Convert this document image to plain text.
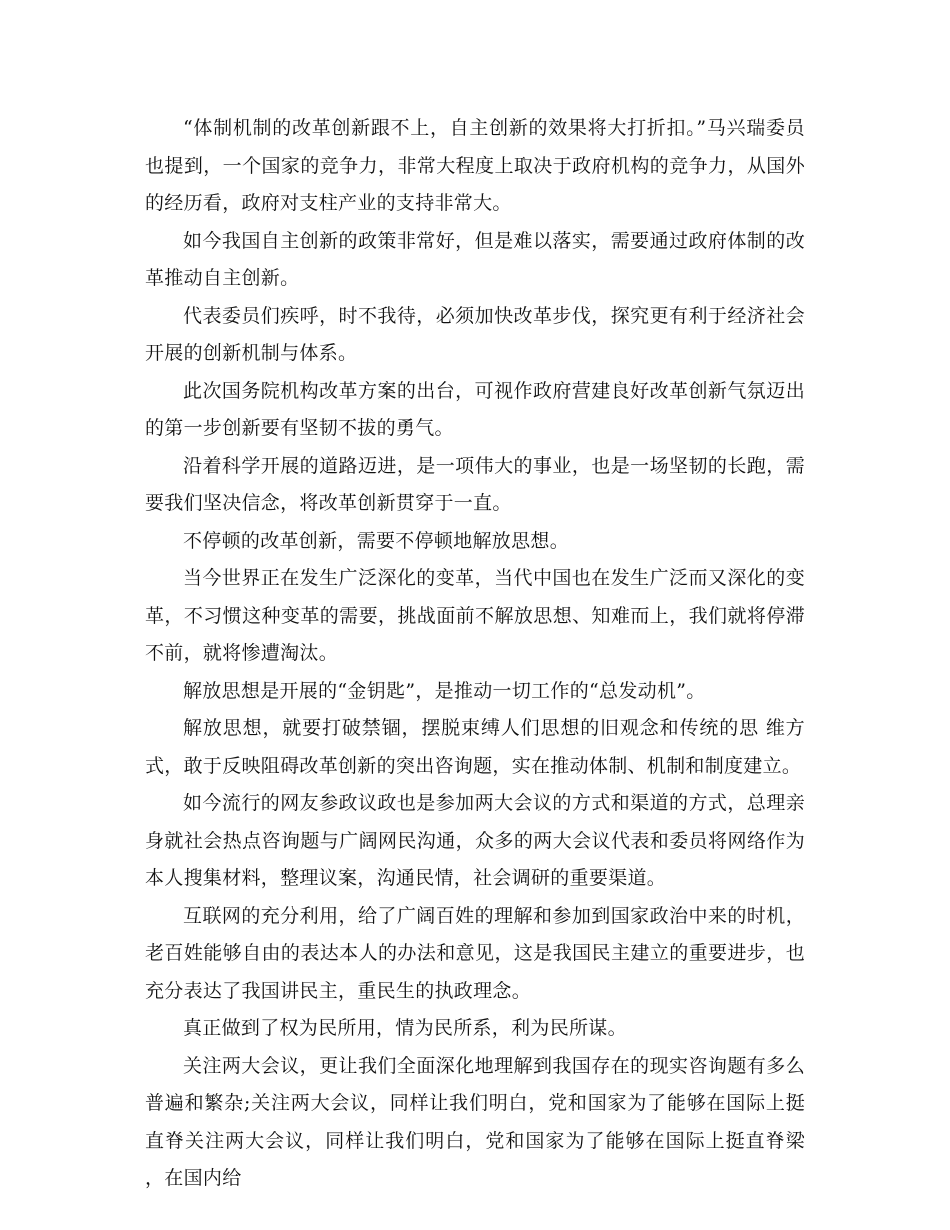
“体制机制的改革创新跟不上，自主创新的效果将大打折扣。”马兴瑞委员也提到，一个国家的竞争力，非常大程度上取决于政府机构的竞争力，从国外的经历看，政府对支柱产业的支持非常大。

如今我国自主创新的政策非常好，但是难以落实，需要通过政府体制的改革推动自主创新。

代表委员们疾呼，时不我待，必须加快改革步伐，探究更有利于经济社会开展的创新机制与体系。

此次国务院机构改革方案的出台，可视作政府营建良好改革创新气氛迈出的第一步创新要有坚韧不拔的勇气。

沿着科学开展的道路迈进，是一项伟大的事业，也是一场坚韧的长跑，需要我们坚决信念，将改革创新贯穿于一直。

不停顿的改革创新，需要不停顿地解放思想。

当今世界正在发生广泛深化的变革，当代中国也在发生广泛而又深化的变革，不习惯这种变革的需要，挑战面前不解放思想、知难而上，我们就将停滞不前，就将惨遭淘汰。

解放思想是开展的“金钥匙”，是推动一切工作的“总发动机”。

解放思想，就要打破禁锢，摆脱束缚人们思想的旧观念和传统的思 维方式，敢于反映阻碍改革创新的突出咨询题，实在推动体制、机制和制度建立。

如今流行的网友参政议政也是参加两大会议的方式和渠道的方式，总理亲身就社会热点咨询题与广阔网民沟通，众多的两大会议代表和委员将网络作为本人搜集材料，整理议案，沟通民情，社会调研的重要渠道。

互联网的充分利用，给了广阔百姓的理解和参加到国家政治中来的时机，老百姓能够自由的表达本人的办法和意见，这是我国民主建立的重要进步，也充分表达了我国讲民主，重民生的执政理念。

真正做到了权为民所用，情为民所系，利为民所谋。

关注两大会议，更让我们全面深化地理解到我国存在的现实咨询题有多么普遍和繁杂;关注两大会议，同样让我们明白，党和国家为了能够在国际上挺直脊关注两大会议，同样让我们明白，党和国家为了能够在国际上挺直脊梁 ，在国内给
